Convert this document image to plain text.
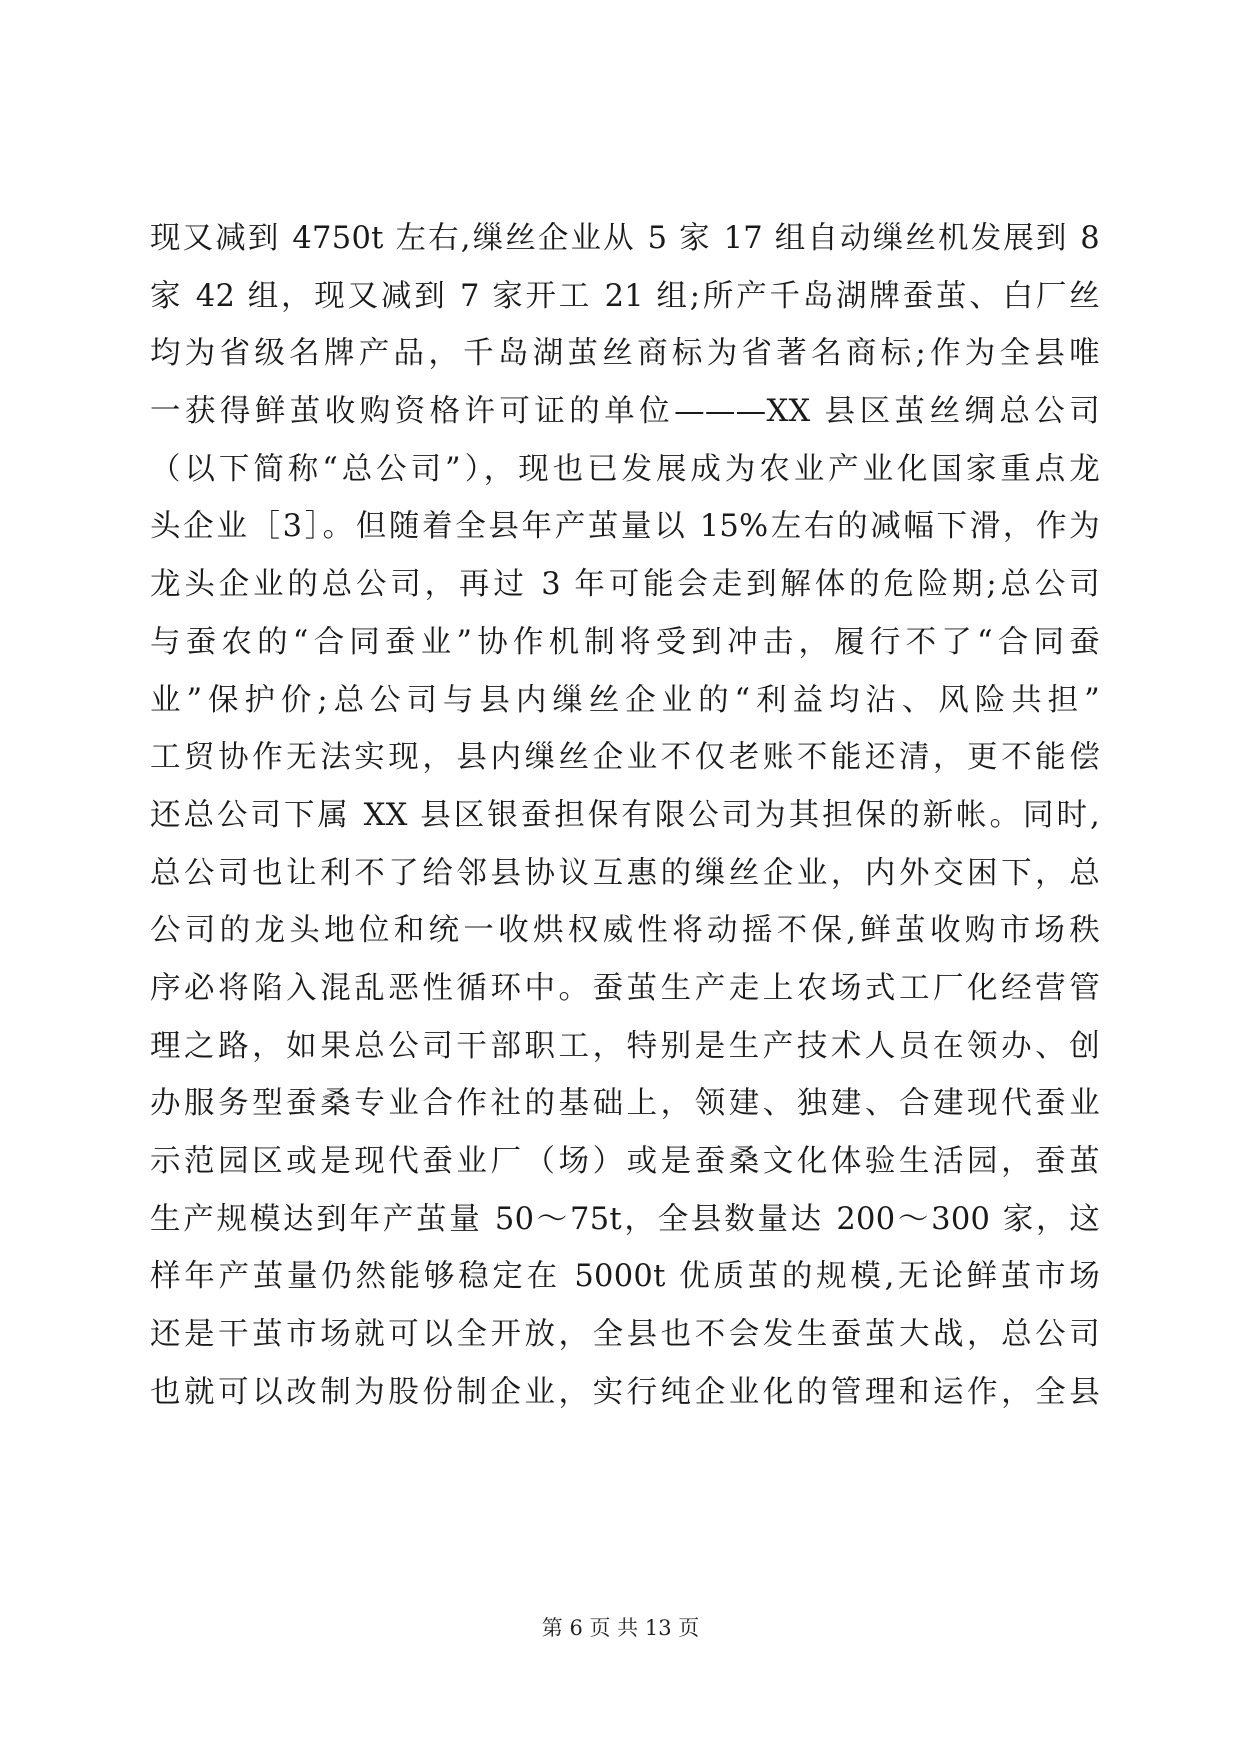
现又减到 4750t 左右,缫丝企业从 5 家 17 组自动缫丝机发展到 8
家 42 组，现又减到 7 家开工 21 组;所产千岛湖牌蚕茧、白厂丝
均为省级名牌产品，千岛湖茧丝商标为省著名商标;作为全县唯
一获得鲜茧收购资格许可证的单位———XX 县区茧丝绸总公司
（以下简称“总公司”），现也已发展成为农业产业化国家重点龙
头企业［3］。但随着全县年产茧量以 15%左右的减幅下滑，作为
龙头企业的总公司，再过 3 年可能会走到解体的危险期;总公司
与蚕农的“合同蚕业”协作机制将受到冲击，履行不了“合同蚕
业”保护价;总公司与县内缫丝企业的“利益均沾、风险共担”
工贸协作无法实现，县内缫丝企业不仅老账不能还清，更不能偿
还总公司下属 XX 县区银蚕担保有限公司为其担保的新帐。同时,
总公司也让利不了给邻县协议互惠的缫丝企业，内外交困下，总
公司的龙头地位和统一收烘权威性将动摇不保,鲜茧收购市场秩
序必将陷入混乱恶性循环中。蚕茧生产走上农场式工厂化经营管
理之路，如果总公司干部职工，特别是生产技术人员在领办、创
办服务型蚕桑专业合作社的基础上，领建、独建、合建现代蚕业
示范园区或是现代蚕业厂（场）或是蚕桑文化体验生活园，蚕茧
生产规模达到年产茧量 50～75t，全县数量达 200～300 家，这
样年产茧量仍然能够稳定在 5000t 优质茧的规模,无论鲜茧市场
还是干茧市场就可以全开放，全县也不会发生蚕茧大战，总公司
也就可以改制为股份制企业，实行纯企业化的管理和运作，全县
第 6 页 共 13 页
